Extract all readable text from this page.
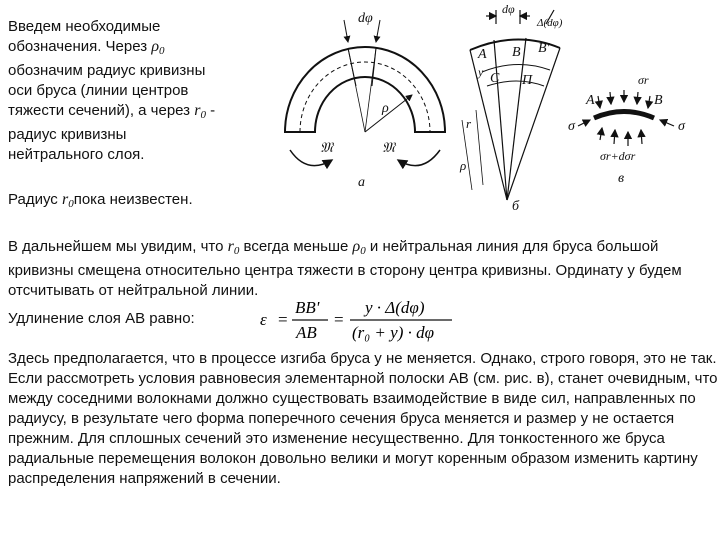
Введем необходимые
обозначения. Через $\rho_0$
обозначим радиус кривизны
оси бруса (линии центров
тяжести сечений), а через $r_0$ -
радиус кривизны
нейтрального слоя.
Радиус $r_0пока$ неизвестен.
В дальнейшем мы увидим, что $r_0$ всегда меньше $\rho_0$ и нейтральная линия для бруса большой кривизны смещена относительно центра тяжести в сторону центра кривизны. Ординату y будем отсчитывать от нейтральной линии.
Удлинение слоя АВ равно:	ε =
BB'
AB
=
y · Δ(dφ)
(r₀ + y) · dφ
Здесь предполагается, что в процессе изгиба бруса y не меняется. Однако, строго говоря, это не так. Если рассмотреть условия равновесия элементарной полоски АВ (см. рис. в), станет очевидным, что между соседними волокнами должно существовать взаимодействие в виде сил, направленных по радиусу, в результате чего форма поперечного сечения бруса меняется и размер y не остается прежним. Для сплошных сечений это изменение несущественно. Для тонкостенного же бруса радиальные перемещения волокон довольно велики и могут коренным образом изменить картину распределения напряжений в сечении.
dφ
ρ
𝔐	𝔐
а
dφ
Δ(dφ)
A B B'
C П
y
r
ρ
б
σ	σ
A	B
σr
σr+dσr
в
